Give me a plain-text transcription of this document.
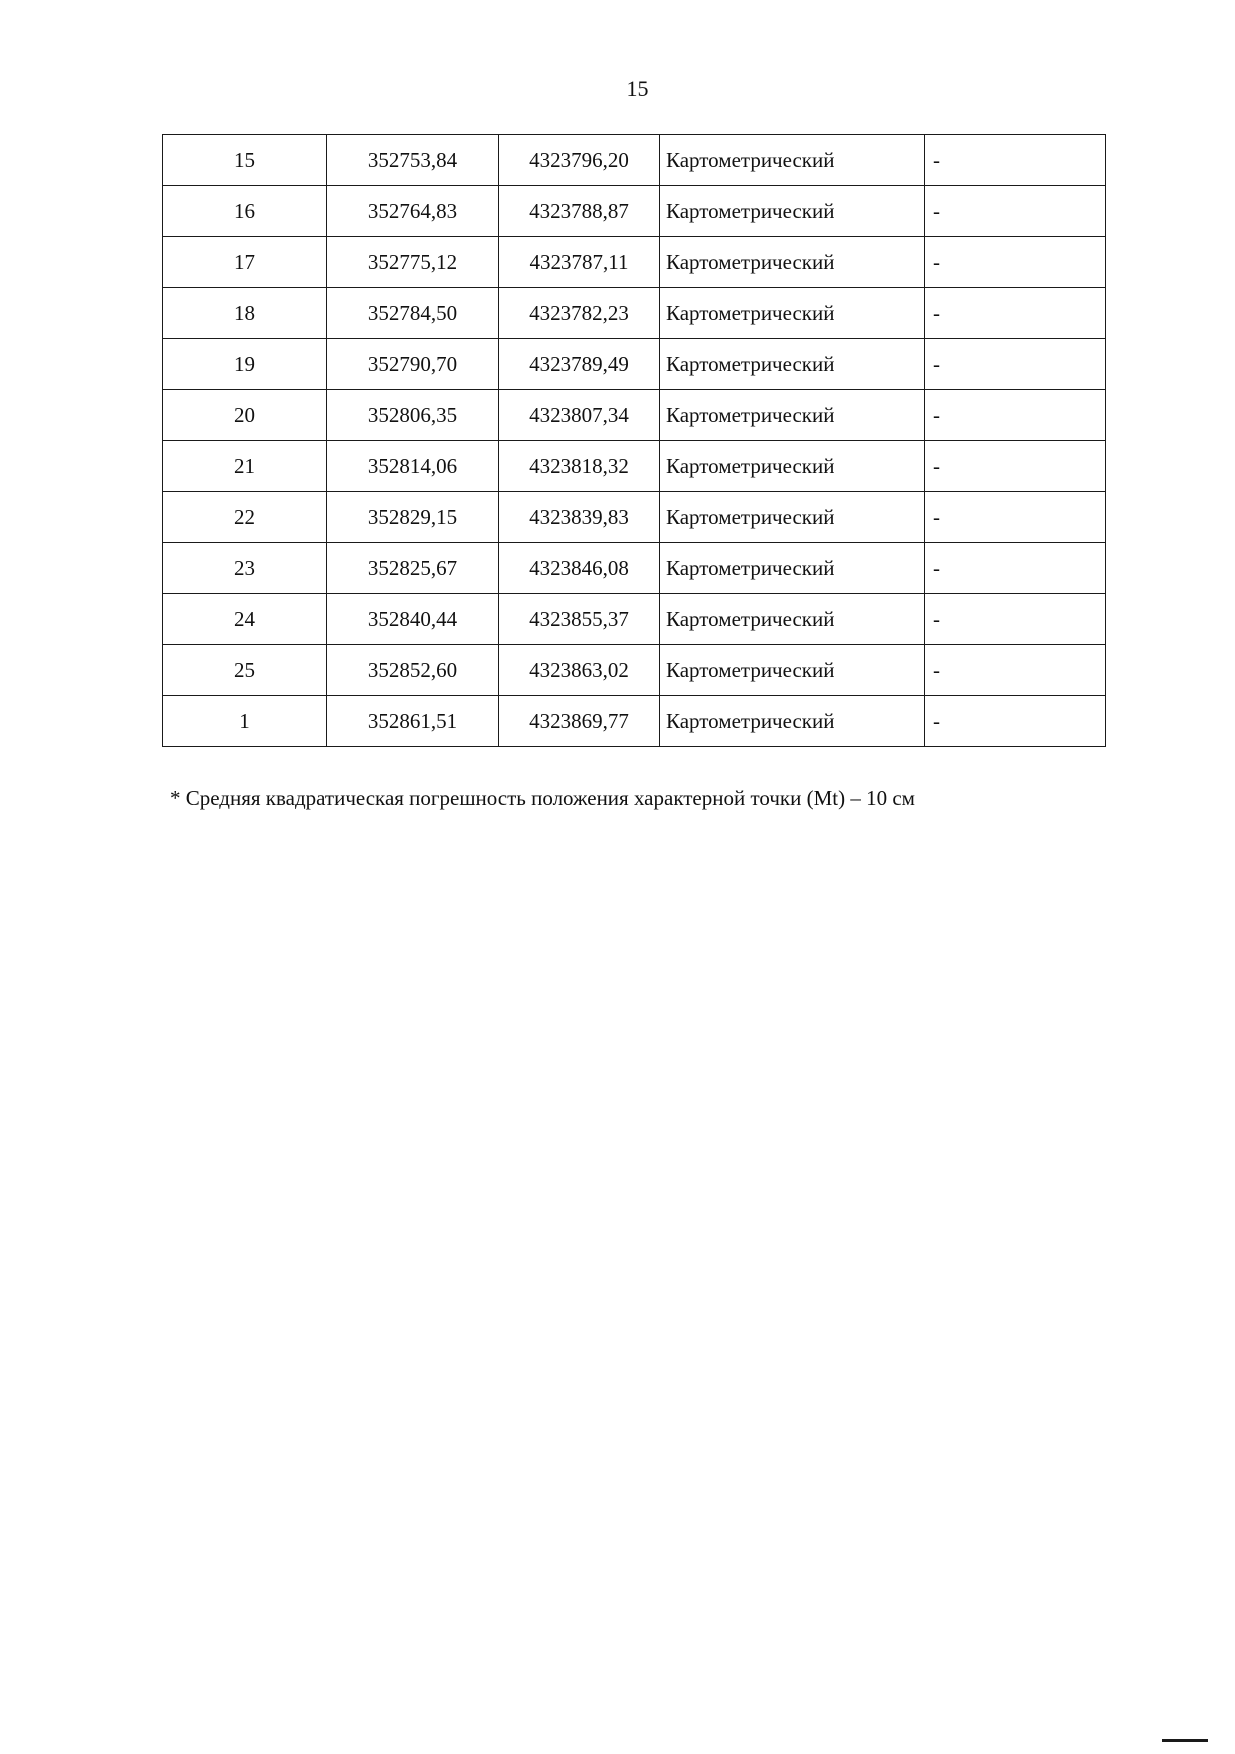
15
15	352753,84	4323796,20	Картометрический	-
16	352764,83	4323788,87	Картометрический	-
17	352775,12	4323787,11	Картометрический	-
18	352784,50	4323782,23	Картометрический	-
19	352790,70	4323789,49	Картометрический	-
20	352806,35	4323807,34	Картометрический	-
21	352814,06	4323818,32	Картометрический	-
22	352829,15	4323839,83	Картометрический	-
23	352825,67	4323846,08	Картометрический	-
24	352840,44	4323855,37	Картометрический	-
25	352852,60	4323863,02	Картометрический	-
1	352861,51	4323869,77	Картометрический	-
* Средняя квадратическая погрешность положения характерной точки (Mt) – 10 см
